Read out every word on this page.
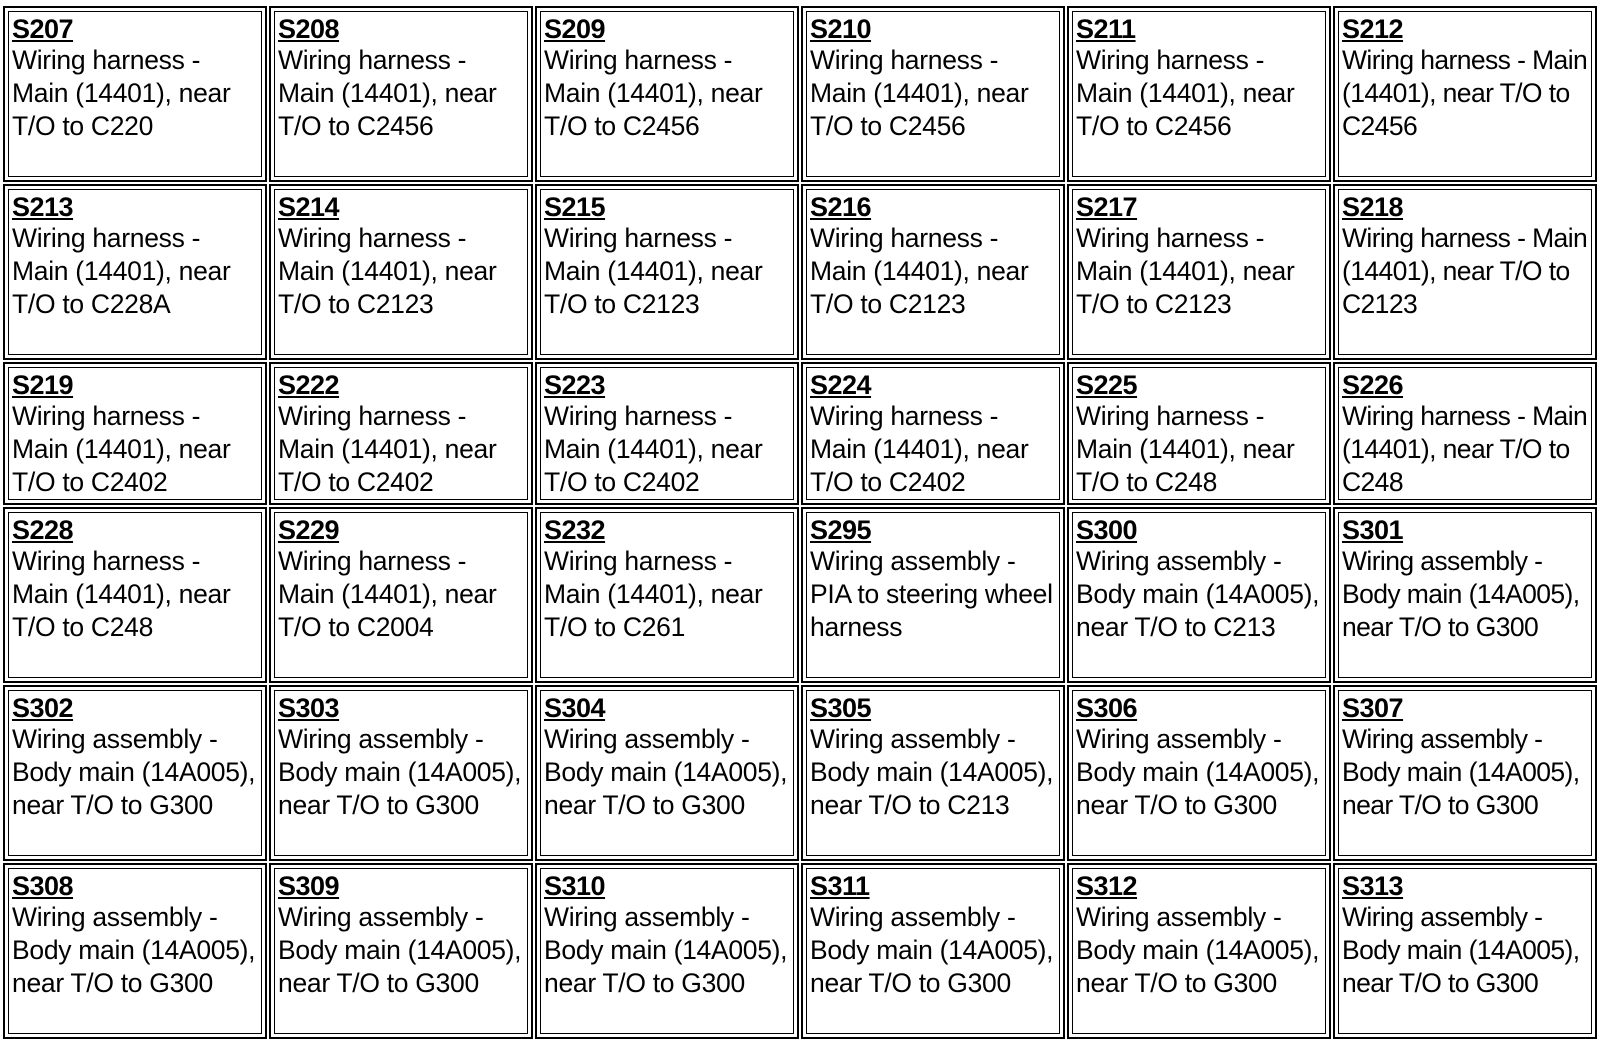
S207
Wiring harness - Main (14401), near T/O to C220
S208
Wiring harness - Main (14401), near T/O to C2456
S209
Wiring harness - Main (14401), near T/O to C2456
S210
Wiring harness - Main (14401), near T/O to C2456
S211
Wiring harness - Main (14401), near T/O to C2456
S212
Wiring harness - Main (14401), near T/O to C2456
S213
Wiring harness - Main (14401), near T/O to C228A
S214
Wiring harness - Main (14401), near T/O to C2123
S215
Wiring harness - Main (14401), near T/O to C2123
S216
Wiring harness - Main (14401), near T/O to C2123
S217
Wiring harness - Main (14401), near T/O to C2123
S218
Wiring harness - Main (14401), near T/O to C2123
S219
Wiring harness - Main (14401), near T/O to C2402
S222
Wiring harness - Main (14401), near T/O to C2402
S223
Wiring harness - Main (14401), near T/O to C2402
S224
Wiring harness - Main (14401), near T/O to C2402
S225
Wiring harness - Main (14401), near T/O to C248
S226
Wiring harness - Main (14401), near T/O to C248
S228
Wiring harness - Main (14401), near T/O to C248
S229
Wiring harness - Main (14401), near T/O to C2004
S232
Wiring harness - Main (14401), near T/O to C261
S295
Wiring assembly - PIA to steering wheel harness
S300
Wiring assembly - Body main (14A005), near T/O to C213
S301
Wiring assembly - Body main (14A005), near T/O to G300
S302
Wiring assembly - Body main (14A005), near T/O to G300
S303
Wiring assembly - Body main (14A005), near T/O to G300
S304
Wiring assembly - Body main (14A005), near T/O to G300
S305
Wiring assembly - Body main (14A005), near T/O to C213
S306
Wiring assembly - Body main (14A005), near T/O to G300
S307
Wiring assembly - Body main (14A005), near T/O to G300
S308
Wiring assembly - Body main (14A005), near T/O to G300
S309
Wiring assembly - Body main (14A005), near T/O to G300
S310
Wiring assembly - Body main (14A005), near T/O to G300
S311
Wiring assembly - Body main (14A005), near T/O to G300
S312
Wiring assembly - Body main (14A005), near T/O to G300
S313
Wiring assembly - Body main (14A005), near T/O to G300
